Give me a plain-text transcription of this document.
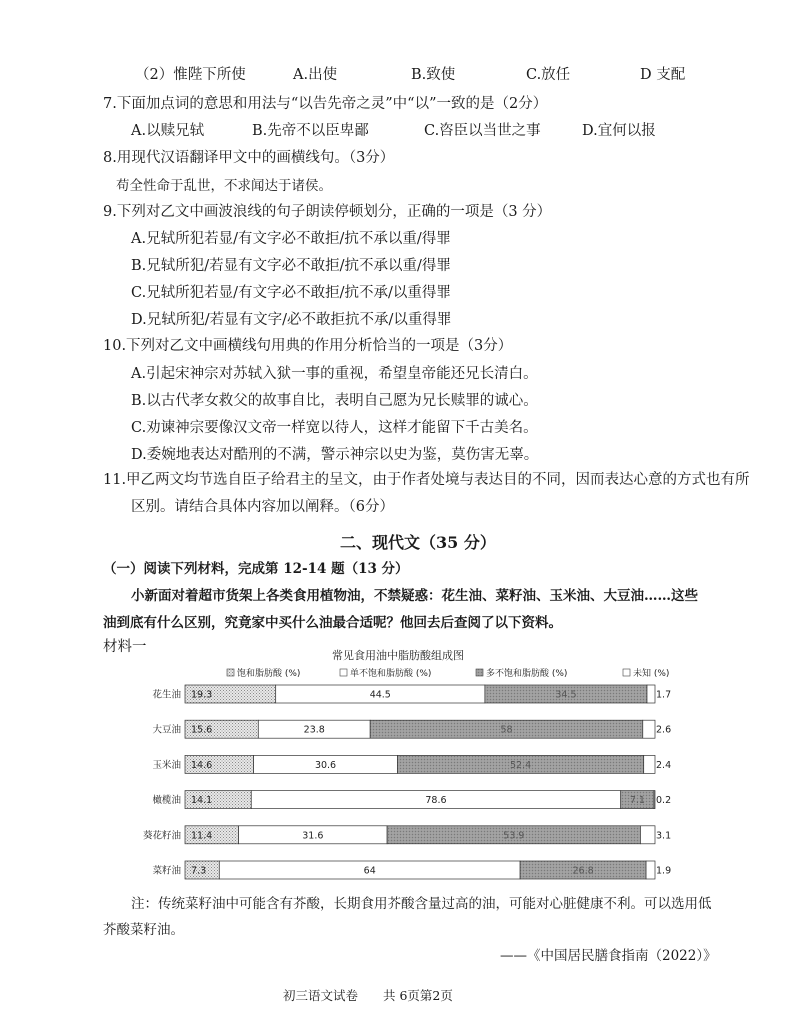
（2）惟陛下所使	A.出使	B.致使	C.放任	D 支配
7.下面加点词的意思和用法与“以告先帝之灵”中“以”一致的是（2分）
A.以赎兄轼	B.先帝不以臣卑鄙	C.咨臣以当世之事	D.宜何以报
8.用现代汉语翻译甲文中的画横线句。（3分）
苟全性命于乱世，不求闻达于诸侯。
9.下列对乙文中画波浪线的句子朗读停顿划分，正确的一项是（3 分）
A.兄轼所犯若显/有文字必不敢拒/抗不承以重/得罪
B.兄轼所犯/若显有文字必不敢拒/抗不承以重/得罪
C.兄轼所犯若显/有文字必不敢拒/抗不承/以重得罪
D.兄轼所犯/若显有文字/必不敢拒抗不承/以重得罪
10.下列对乙文中画横线句用典的作用分析恰当的一项是（3分）
A.引起宋神宗对苏轼入狱一事的重视，希望皇帝能还兄长清白。
B.以古代孝女救父的故事自比，表明自己愿为兄长赎罪的诚心。
C.劝谏神宗要像汉文帝一样宽以待人，这样才能留下千古美名。
D.委婉地表达对酷刑的不满，警示神宗以史为鉴，莫伤害无辜。
11.甲乙两文均节选自臣子给君主的呈文，由于作者处境与表达目的不同，因而表达心意的方式也有所
区别。请结合具体内容加以阐释。（6分）
二、现代文（35 分）
（一）阅读下列材料，完成第 12-14 题（13 分）
小新面对着超市货架上各类食用植物油，不禁疑惑：花生油、菜籽油、玉米油、大豆油……这些
油到底有什么区别，究竟家中买什么油最合适呢？他回去后查阅了以下资料。
材料一
常见食用油中脂肪酸组成图
饱和脂肪酸 (%)	单不饱和脂肪酸 (%)	多不饱和脂肪酸 (%)	未知 (%)
花生油
大豆油
玉米油
橄榄油
葵花籽油
菜籽油
19.3	44.5	34.5	1.7
15.6	23.8	58	2.6
14.6	30.6	52.4	2.4
14.1	78.6	7.1 0.2
11.4	31.6	53.9	3.1
7.3	64	26.8	1.9
注：传统菜籽油中可能含有芥酸，长期食用芥酸含量过高的油，可能对心脏健康不利。可以选用低
芥酸菜籽油。
——《中国居民膳食指南（2022）》
初三语文试卷　　共 6页第2页
